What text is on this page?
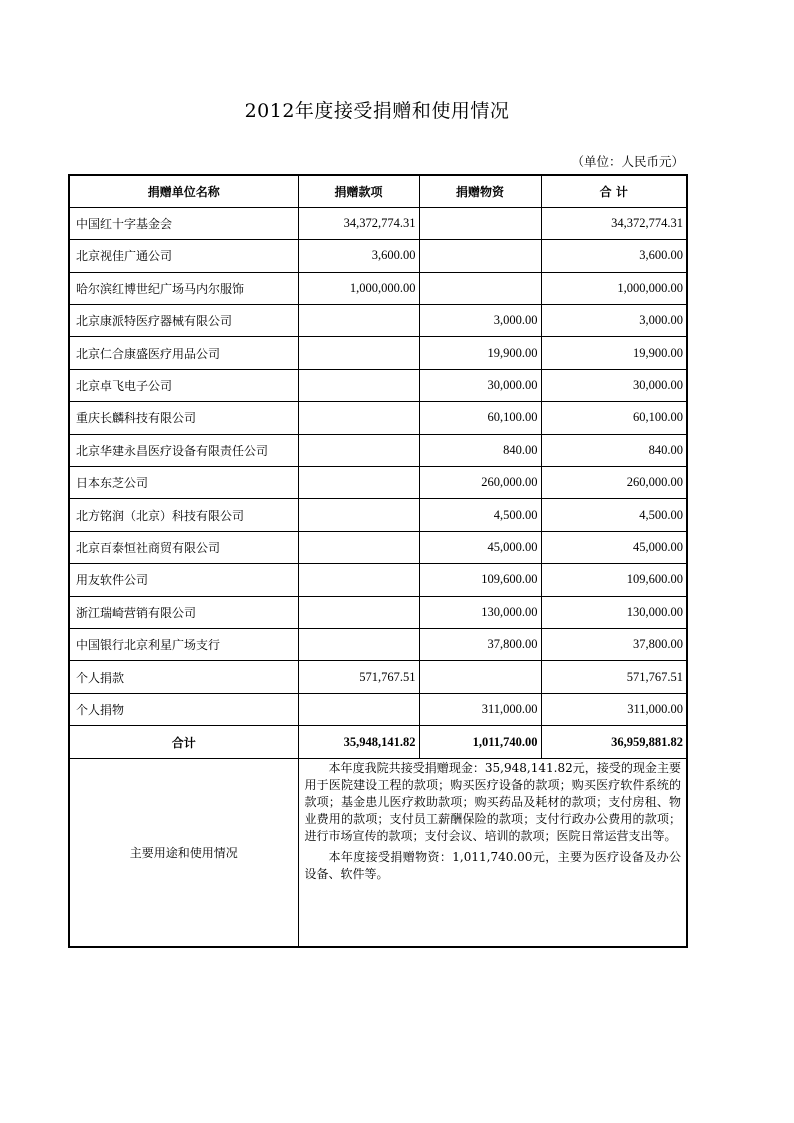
2012年度接受捐赠和使用情况
（单位：人民币元）
捐赠单位名称	捐赠款项	捐赠物资	合 计
中国红十字基金会	34,372,774.31		34,372,774.31
北京视佳广通公司	3,600.00		3,600.00
哈尔滨红博世纪广场马内尔服饰	1,000,000.00		1,000,000.00
北京康派特医疗器械有限公司		3,000.00	3,000.00
北京仁合康盛医疗用品公司		19,900.00	19,900.00
北京卓飞电子公司		30,000.00	30,000.00
重庆长麟科技有限公司		60,100.00	60,100.00
北京华建永昌医疗设备有限责任公司		840.00	840.00
日本东芝公司		260,000.00	260,000.00
北方铭润（北京）科技有限公司		4,500.00	4,500.00
北京百泰恒社商贸有限公司		45,000.00	45,000.00
用友软件公司		109,600.00	109,600.00
浙江瑞崎营销有限公司		130,000.00	130,000.00
中国银行北京利星广场支行		37,800.00	37,800.00
个人捐款	571,767.51		571,767.51
个人捐物		311,000.00	311,000.00
合计	35,948,141.82	1,011,740.00	36,959,881.82
主要用途和使用情况	本年度我院共接受捐赠现金：35,948,141.82元，接受的现金主要用于医院建设工程的款项；购买医疗设备的款项；购买医疗软件系统的款项；基金患儿医疗救助款项；购买药品及耗材的款项；支付房租、物业费用的款项；支付员工薪酬保险的款项；支付行政办公费用的款项；进行市场宣传的款项；支付会议、培训的款项；医院日常运营支出等。

本年度接受捐赠物资：1,011,740.00元，主要为医疗设备及办公设备、软件等。		
